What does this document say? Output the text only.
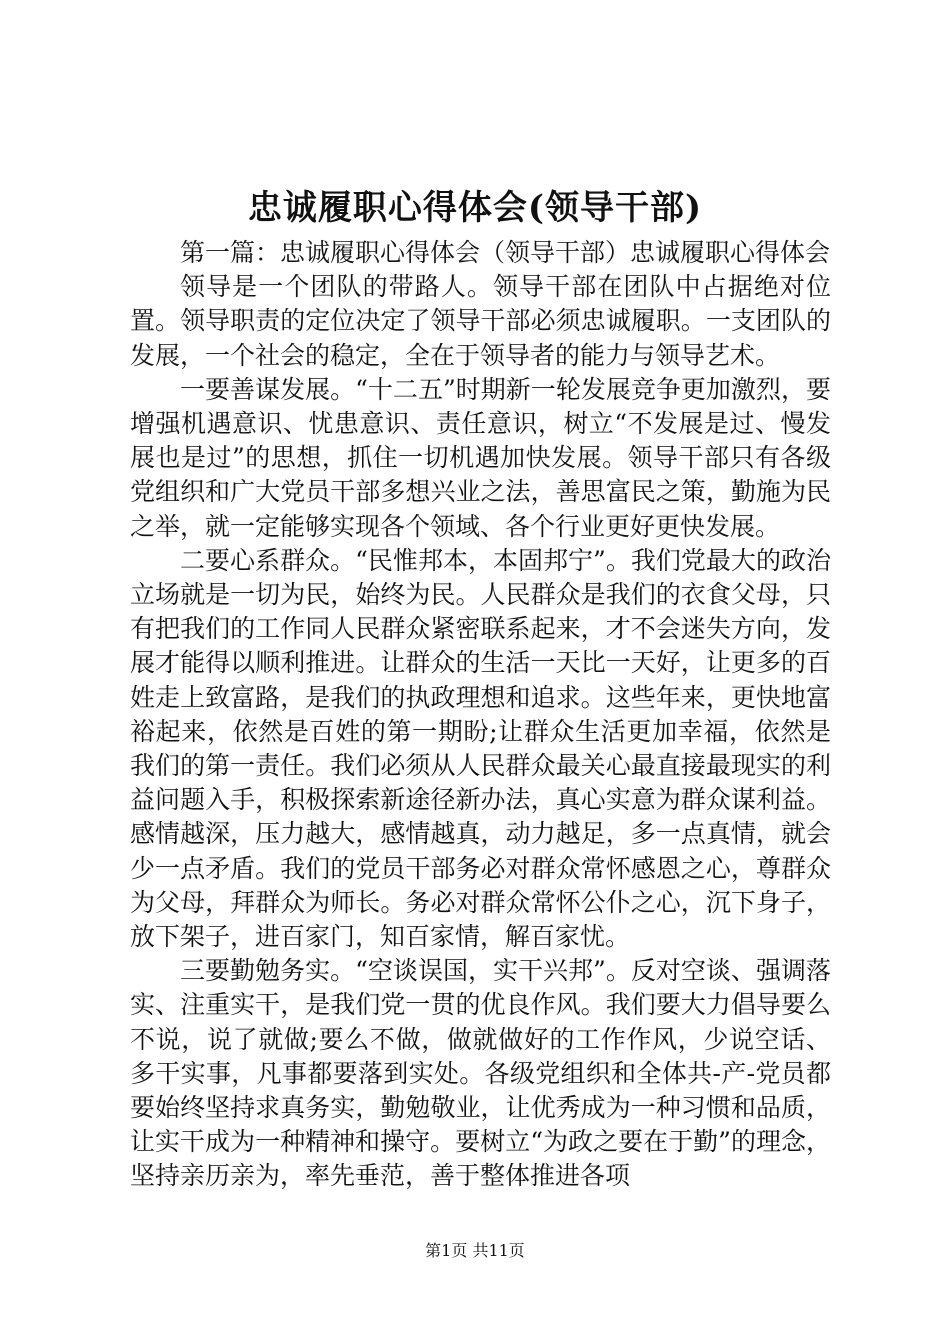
忠诚履职心得体会(领导干部)

第一篇：忠诚履职心得体会（领导干部）忠诚履职心得体会

领导是一个团队的带路人。领导干部在团队中占据绝对位置。领导职责的定位决定了领导干部必须忠诚履职。一支团队的发展，一个社会的稳定，全在于领导者的能力与领导艺术。

一要善谋发展。“十二五”时期新一轮发展竞争更加激烈，要增强机遇意识、忧患意识、责任意识，树立“不发展是过、慢发展也是过”的思想，抓住一切机遇加快发展。领导干部只有各级党组织和广大党员干部多想兴业之法，善思富民之策，勤施为民之举，就一定能够实现各个领域、各个行业更好更快发展。

二要心系群众。“民惟邦本，本固邦宁”。我们党最大的政治立场就是一切为民，始终为民。人民群众是我们的衣食父母，只有把我们的工作同人民群众紧密联系起来，才不会迷失方向，发展才能得以顺利推进。让群众的生活一天比一天好，让更多的百姓走上致富路，是我们的执政理想和追求。这些年来，更快地富裕起来，依然是百姓的第一期盼;让群众生活更加幸福，依然是我们的第一责任。我们必须从人民群众最关心最直接最现实的利益问题入手，积极探索新途径新办法，真心实意为群众谋利益。感情越深，压力越大，感情越真，动力越足，多一点真情，就会少一点矛盾。我们的党员干部务必对群众常怀感恩之心，尊群众为父母，拜群众为师长。务必对群众常怀公仆之心，沉下身子，放下架子，进百家门，知百家情，解百家忧。

三要勤勉务实。“空谈误国，实干兴邦”。反对空谈、强调落实、注重实干，是我们党一贯的优良作风。我们要大力倡导要么不说，说了就做;要么不做，做就做好的工作作风，少说空话、多干实事，凡事都要落到实处。各级党组织和全体共-产-党员都要始终坚持求真务实，勤勉敬业，让优秀成为一种习惯和品质，让实干成为一种精神和操守。要树立“为政之要在于勤”的理念，坚持亲历亲为，率先垂范，善于整体推进各项

第1页 共11页
